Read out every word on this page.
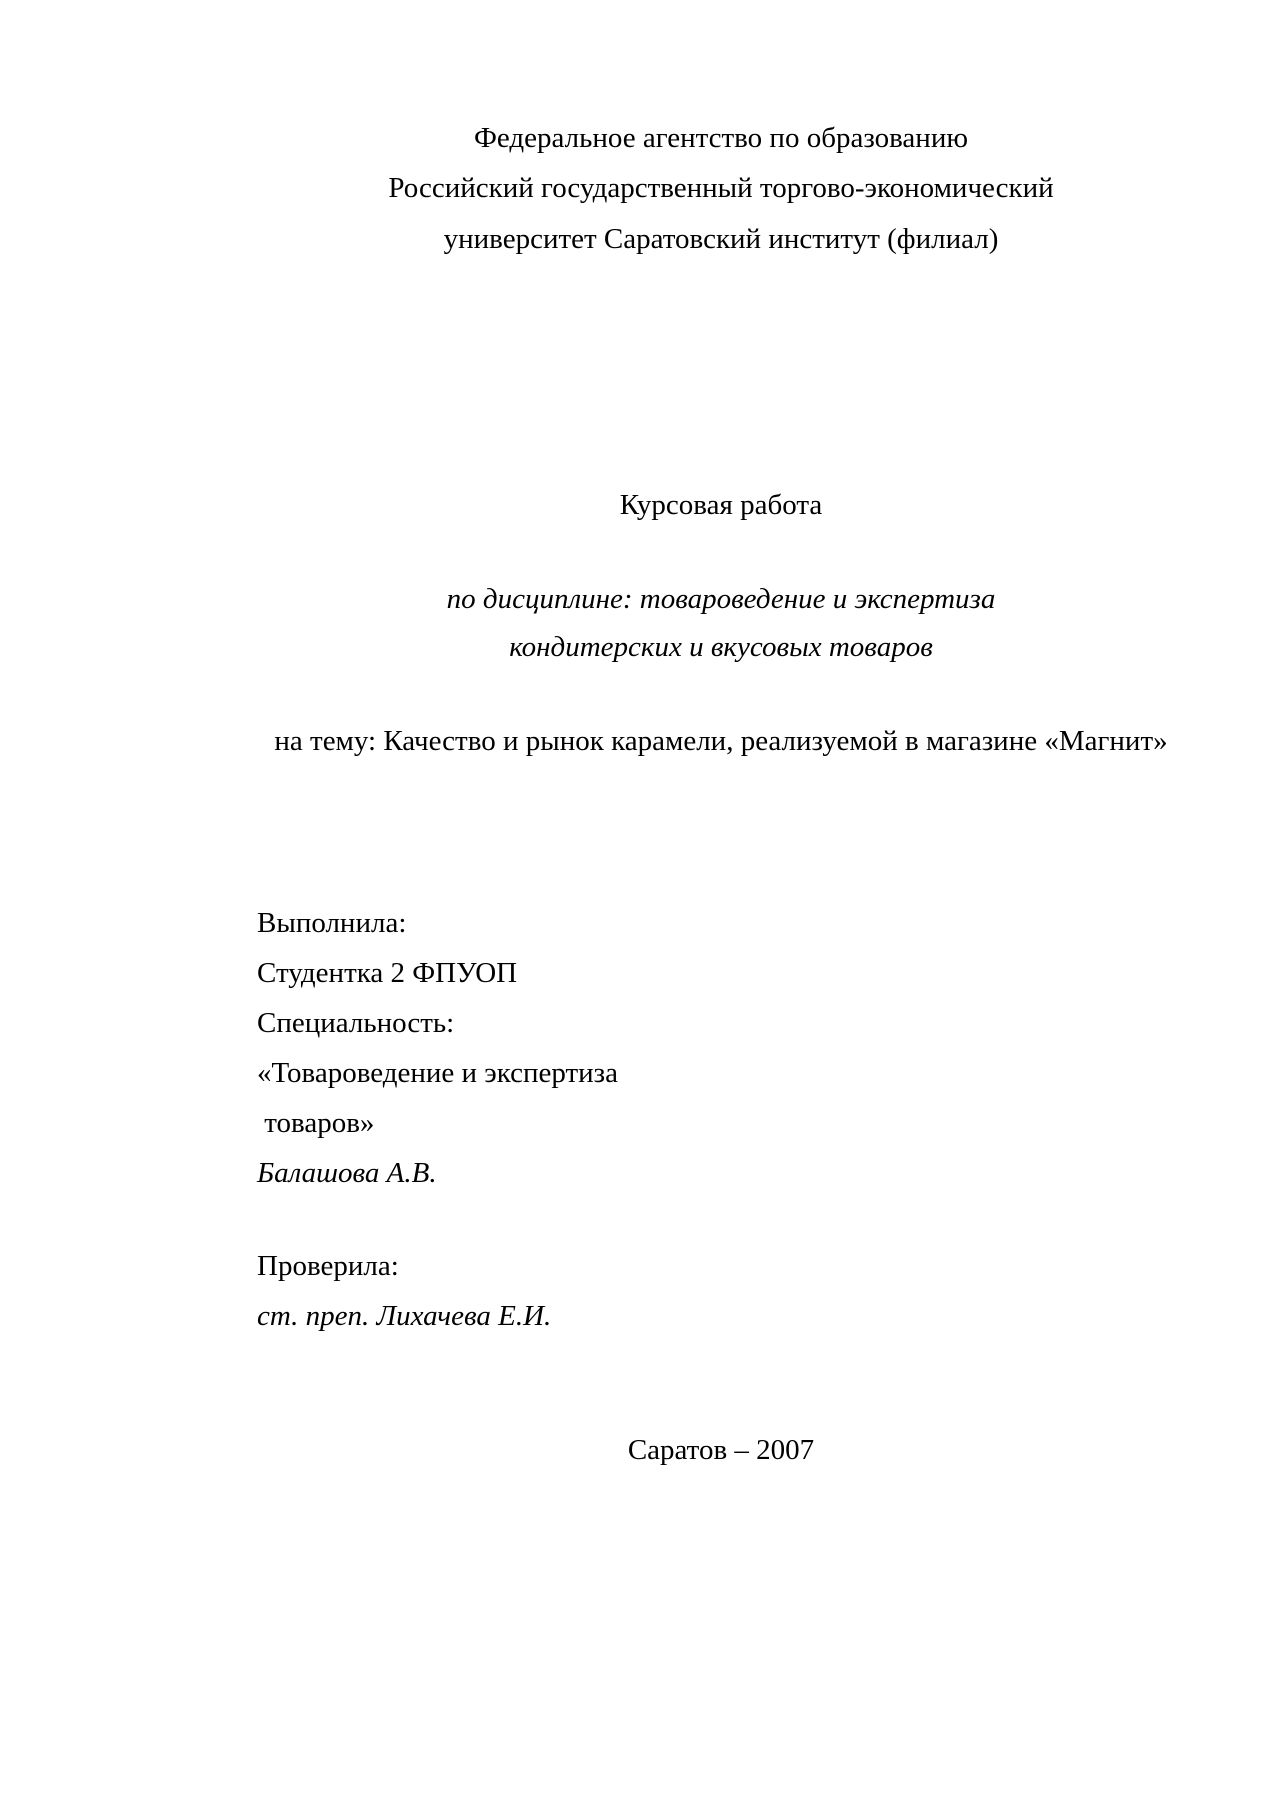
Федеральное агентство по образованию
Российский государственный торгово-экономический
университет Саратовский институт (филиал)
Курсовая работа
по дисциплине: товароведение и экспертиза
кондитерских и вкусовых товаров
на тему: Качество и рынок карамели, реализуемой в магазине «Магнит»
Выполнила:
Студентка 2 ФПУОП
Специальность:
«Товароведение и экспертиза
товаров»
Балашова А.В.
Проверила:
ст. преп. Лихачева Е.И.
Саратов – 2007
